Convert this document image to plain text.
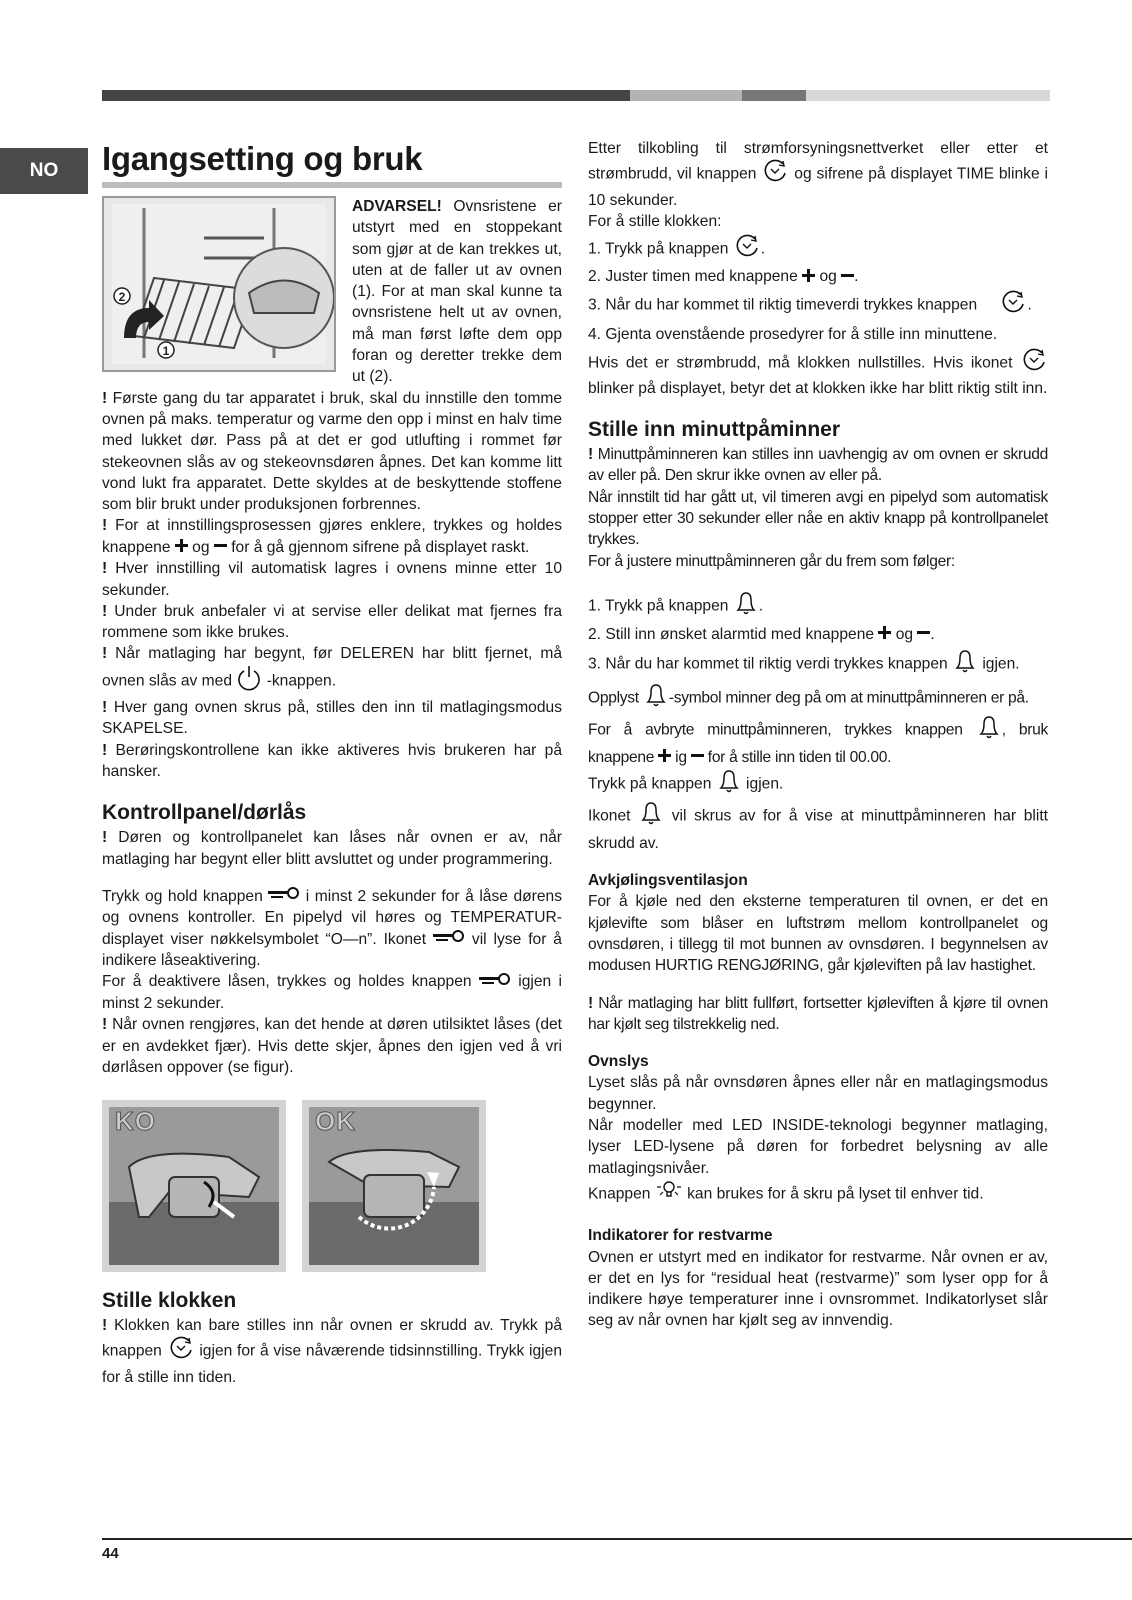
NO	Igangsetting og bruk
2
1

ADVARSEL! Ovnsristene er utstyrt med en stoppekant som gjør at de kan trekkes ut, uten at de faller ut av ovnen (1). For at man skal kunne ta ovnsristene helt ut av ovnen, må man først løfte dem opp foran og deretter trekke dem ut (2).

! Første gang du tar apparatet i bruk, skal du innstille den tomme ovnen på maks. temperatur og varme den opp i minst en halv time med lukket dør. Pass på at det er god utlufting i rommet før stekeovnen slås av og stekeovnsdøren åpnes. Det kan komme litt vond lukt fra apparatet. Dette skyldes at de beskyttende stoffene som blir brukt under produksjonen forbrennes.

! For at innstillingsprosessen gjøres enklere, trykkes og holdes knappene  og  for å gå gjennom sifrene på displayet raskt.

! Hver innstilling vil automatisk lagres i ovnens minne etter 10 sekunder.

! Under bruk anbefaler vi at servise eller delikat mat fjernes fra rommene som ikke brukes.

! Når matlaging har begynt, før DELEREN har blitt fjernet, må ovnen slås av med  -knappen.

! Hver gang ovnen skrus på, stilles den inn til matlagingsmodus SKAPELSE.

! Berøringskontrollene kan ikke aktiveres hvis brukeren har på hansker.

Kontrollpanel/dørlås

! Døren og kontrollpanelet kan låses når ovnen er av, når matlaging har begynt eller blitt avsluttet og under programmering.

Trykk og hold knappen  i minst 2 sekunder for å låse dørens og ovnens kontroller. En pipelyd vil høres og TEMPERATUR-displayet viser nøkkelsymbolet “O—n”. Ikonet  vil lyse for å indikere låseaktivering.

For å deaktivere låsen, trykkes og holdes knappen  igjen i minst 2 sekunder.

! Når ovnen rengjøres, kan det hende at døren utilsiktet låses (det er en avdekket fjær). Hvis dette skjer, åpnes den igjen ved å vri dørlåsen oppover (se figur).

KO	OK
Stille klokken

! Klokken kan bare stilles inn når ovnen er skrudd av. Trykk på knappen  igjen for å vise nåværende tidsinnstilling. Trykk igjen for å stille inn tiden.

Etter tilkobling til strømforsyningsnettverket eller etter et strømbrudd, vil knappen  og sifrene på displayet TIME blinke i 10 sekunder.

For å stille klokken:

1. Trykk på knappen .
2. Juster timen med knappene  og .
3. Når du har kommet til riktig timeverdi trykkes knappen	.
4. Gjenta ovenstående prosedyrer for å stille inn minuttene.

Hvis det er strømbrudd, må klokken nullstilles. Hvis ikonet  blinker på displayet, betyr det at klokken ikke har blitt riktig stilt inn.

Stille inn minuttpåminner

! Minuttpåminneren kan stilles inn uavhengig av om ovnen er skrudd av eller på. Den skrur ikke ovnen av eller på.

Når innstilt tid har gått ut, vil timeren avgi en pipelyd som automatisk stopper etter 30 sekunder eller nåe en aktiv knapp på kontrollpanelet trykkes.

For å justere minuttpåminneren går du frem som følger:

1. Trykk på knappen .
2. Still inn ønsket alarmtid med knappene  og .
3. Når du har kommet til riktig verdi trykkes knappen  igjen.

Opplyst -symbol minner deg på om at minuttpåminneren er på.

For å avbryte minuttpåminneren, trykkes knappen , bruk knappene  ig  for å stille inn tiden til 00.00.

Trykk på knappen  igjen.

Ikonet  vil skrus av for å vise at minuttpåminneren har blitt skrudd av.

Avkjølingsventilasjon

For å kjøle ned den eksterne temperaturen til ovnen, er det en kjølevifte som blåser en luftstrøm mellom kontrollpanelet og ovnsdøren, i tillegg til mot bunnen av ovnsdøren. I begynnelsen av modusen HURTIG RENGJØRING, går kjøleviften på lav hastighet.

! Når matlaging har blitt fullført, fortsetter kjøleviften å kjøre til ovnen har kjølt seg tilstrekkelig ned.

Ovnslys

Lyset slås på når ovnsdøren åpnes eller når en matlagingsmodus begynner.

Når modeller med LED INSIDE-teknologi begynner matlaging, lyser LED-lysene på døren for forbedret belysning av alle matlagingsnivåer.

Knappen  kan brukes for å skru på lyset til enhver tid.

Indikatorer for restvarme

Ovnen er utstyrt med en indikator for restvarme. Når ovnen er av, er det en lys for “residual heat (restvarme)” som lyser opp for å indikere høye temperaturer inne i ovnsrommet. Indikatorlyset slår seg av når ovnen har kjølt seg av innvendig.

44
